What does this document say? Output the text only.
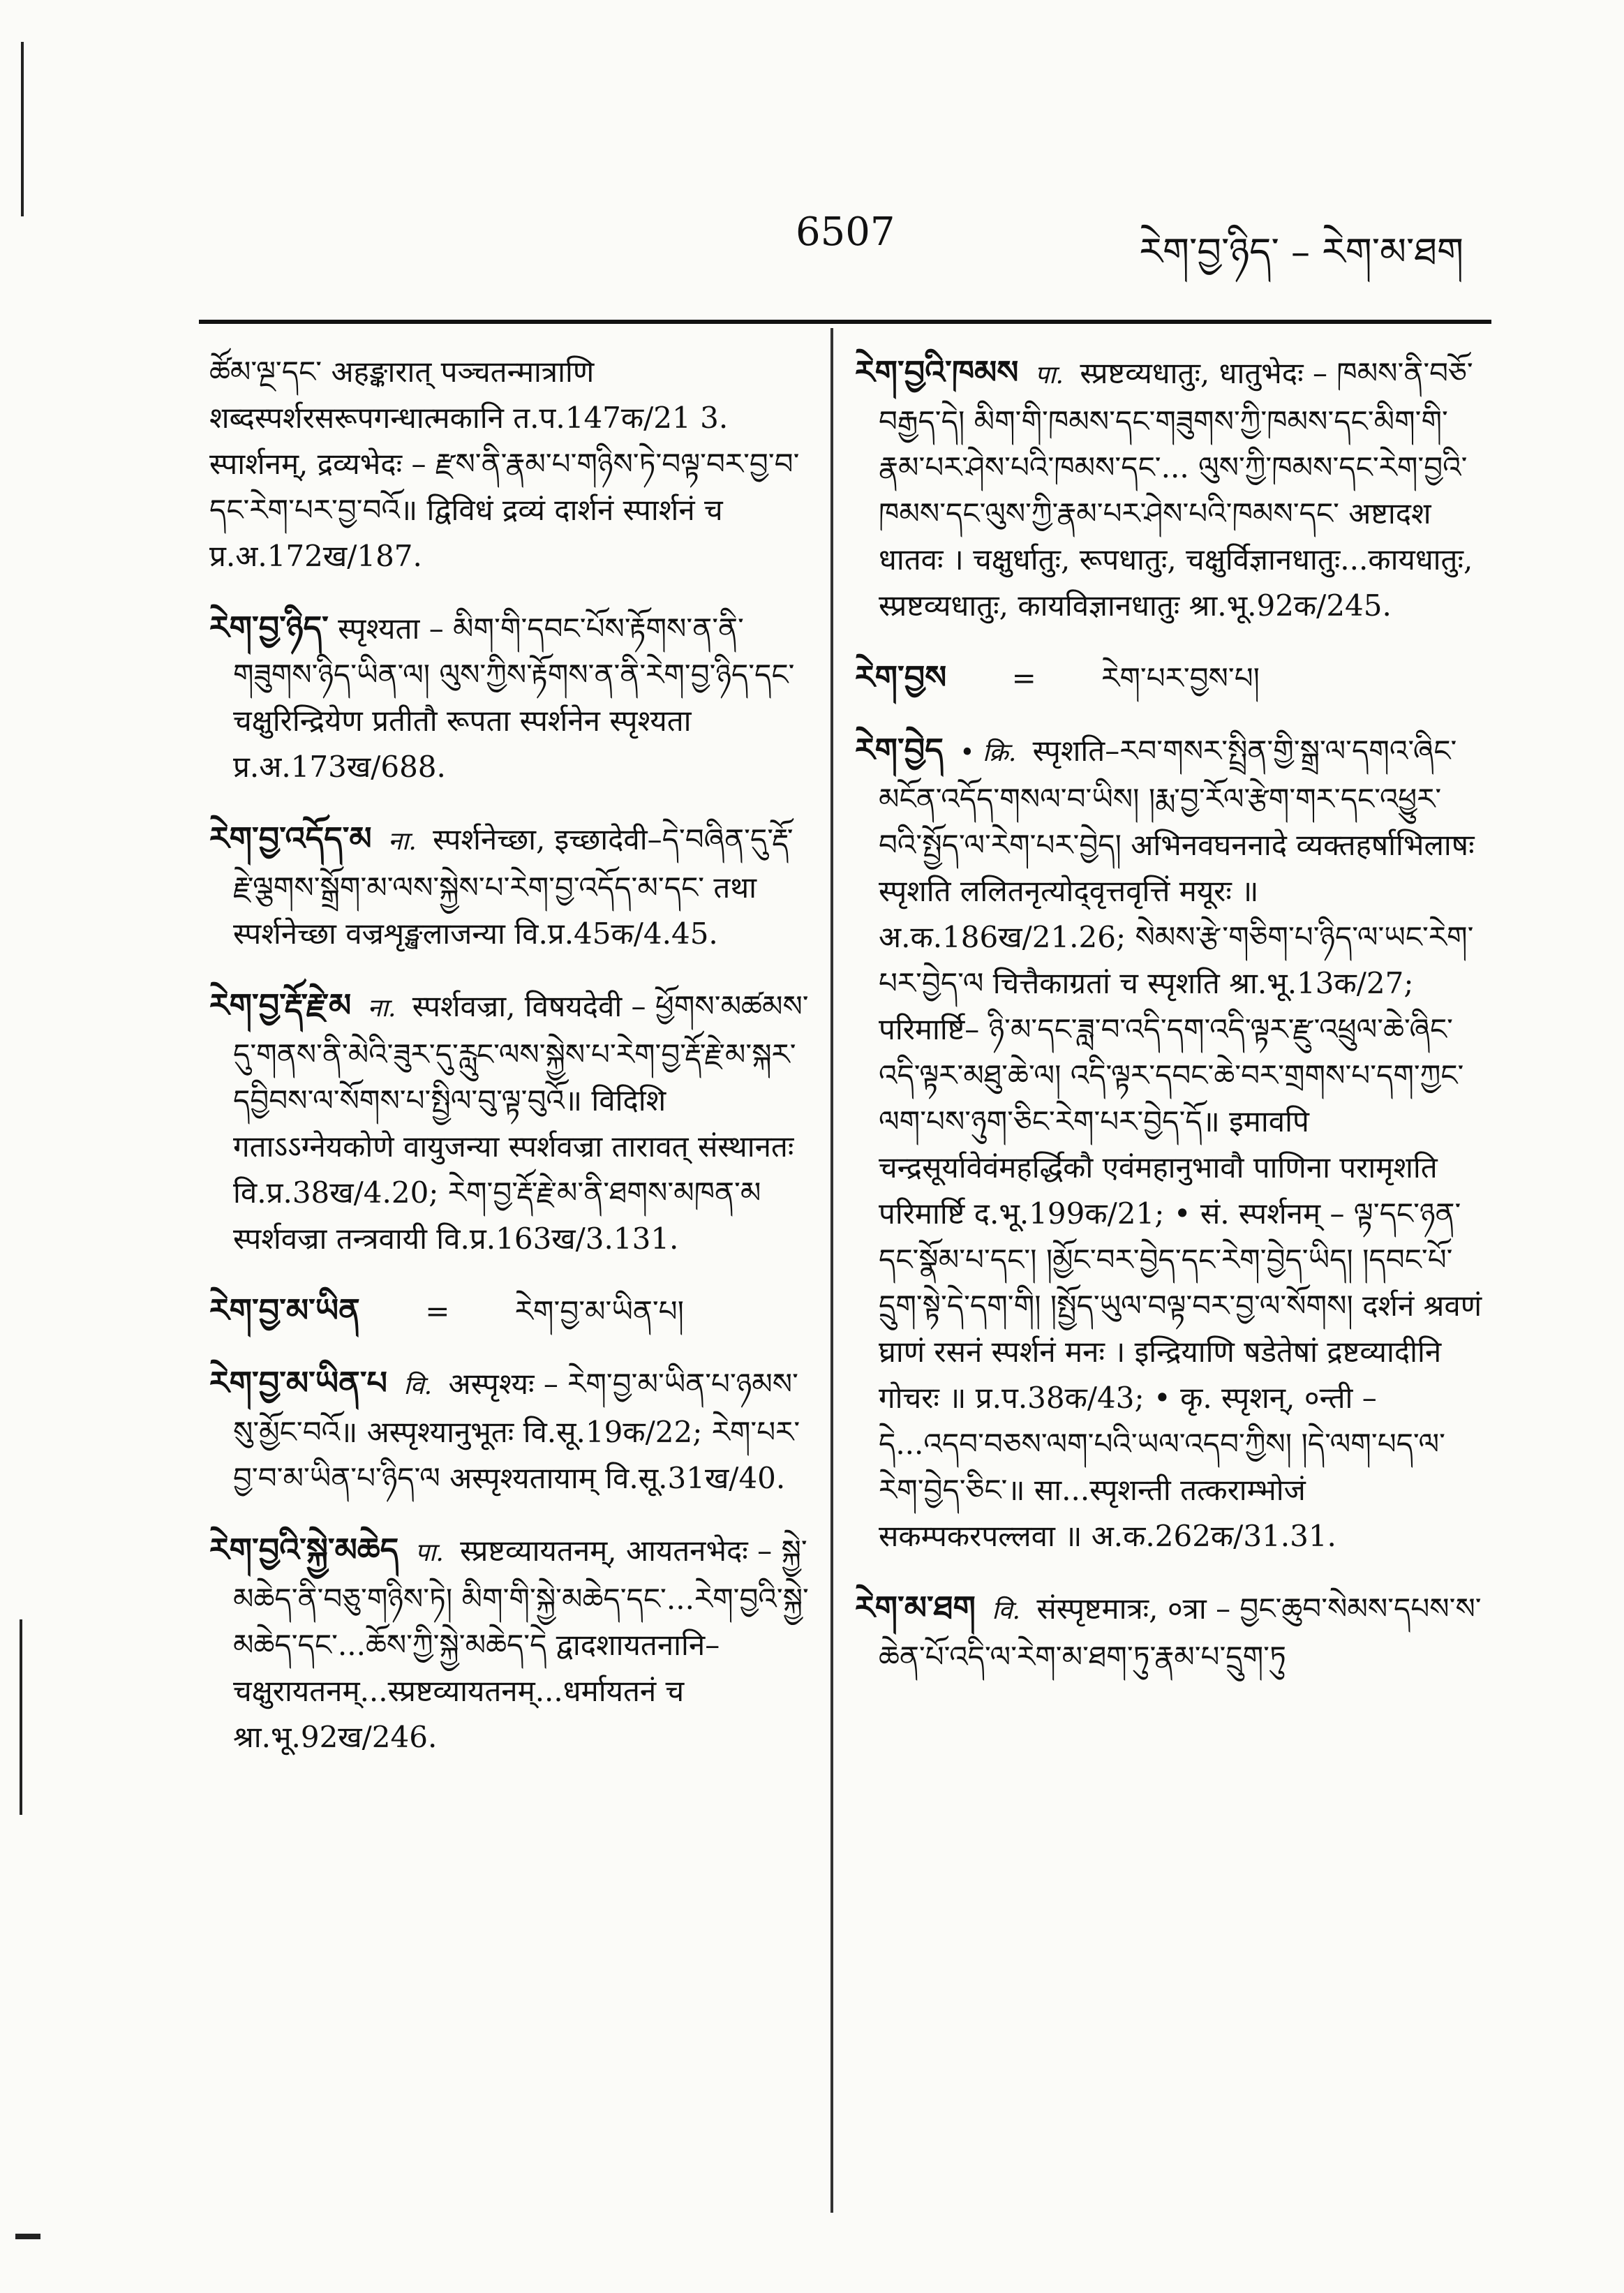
6507	རེག་བྱ་ཉིད་ – རེག་མ་ཐག

ཚོམ་ལྔ་དང་ अहङ्कारात् पञ्चतन्मात्राणि शब्दस्पर्शरसरूपगन्धात्मकानि त.प.147क/21 3. स्पार्शनम्, द्रव्यभेदः – རྫས་ནི་རྣམ་པ་གཉིས་ཏེ་བལྟ་བར་བྱ་བ་དང་རེག་པར་བྱ་བའོ॥ द्विविधं द्रव्यं दार्शनं स्पार्शनं च प्र.अ.172ख/187.

རེག་བྱ་ཉིད་ स्पृश्यता – མིག་གི་དབང་པོས་རྟོགས་ན་ནི་གཟུགས་ཉིད་ཡིན་ལ། ལུས་ཀྱིས་རྟོགས་ན་ནི་རེག་བྱ་ཉིད་དང་ चक्षुरिन्द्रियेण प्रतीतौ रूपता स्पर्शनेन स्पृश्यता प्र.अ.173ख/688.

རེག་བྱ་འདོད་མ ना. स्पर्शनेच्छा, इच्छादेवी–དེ་བཞིན་དུ་རྡོ་རྗེ་ལྕགས་སྒྲོག་མ་ལས་སྐྱེས་པ་རེག་བྱ་འདོད་མ་དང་ तथा स्पर्शनेच्छा वज्रशृङ्खलाजन्या वि.प्र.45क/4.45.

རེག་བྱ་རྡོ་རྗེ་མ ना. स्पर्शवज्रा, विषयदेवी – ཕྱོགས་མཚམས་དུ་གནས་ནི་མེའི་ཟུར་དུ་རླུང་ལས་སྐྱེས་པ་རེག་བྱ་རྡོ་རྗེ་མ་སྐར་དབྱིབས་ལ་སོགས་པ་སྤྱིལ་བུ་ལྟ་བུའོ॥ विदिशि गताऽऽग्नेयकोणे वायुजन्या स्पर्शवज्रा तारावत् संस्थानतः वि.प्र.38ख/4.20; རེག་བྱ་རྡོ་རྗེ་མ་ནི་ཐགས་མཁན་མ स्पर्शवज्रा तन्त्रवायी वि.प्र.163ख/3.131.

རེག་བྱ་མ་ཡིན = རེག་བྱ་མ་ཡིན་པ།

རེག་བྱ་མ་ཡིན་པ वि. अस्पृश्यः – རེག་བྱ་མ་ཡིན་པ་ཉམས་སུ་མྱོང་བའོ॥ अस्पृश्यानुभूतः वि.सू.19क/22; རེག་པར་བྱ་བ་མ་ཡིན་པ་ཉིད་ལ अस्पृश्यतायाम् वि.सू.31ख/40.

རེག་བྱའི་སྐྱེ་མཆེད पा. स्प्रष्टव्यायतनम्, आयतनभेदः – སྐྱེ་མཆེད་ནི་བཅུ་གཉིས་ཏེ། མིག་གི་སྐྱེ་མཆེད་དང་...རེག་བྱའི་སྐྱེ་མཆེད་དང་...ཆོས་ཀྱི་སྐྱེ་མཆེད་དེ द्वादशायतनानि–चक्षुरायतनम्...स्प्रष्टव्यायतनम्...धर्मायतनं च श्रा.भू.92ख/246.

རེག་བྱའི་ཁམས पा. स्प्रष्टव्यधातुः, धातुभेदः – ཁམས་ནི་བཅོ་བརྒྱད་དེ། མིག་གི་ཁམས་དང་གཟུགས་ཀྱི་ཁམས་དང་མིག་གི་རྣམ་པར་ཤེས་པའི་ཁམས་དང་... ལུས་ཀྱི་ཁམས་དང་རེག་བྱའི་ཁམས་དང་ལུས་ཀྱི་རྣམ་པར་ཤེས་པའི་ཁམས་དང་ अष्टादश धातवः । चक्षुर्धातुः, रूपधातुः, चक्षुर्विज्ञानधातुः...कायधातुः, स्प्रष्टव्यधातुः, कायविज्ञानधातुः श्रा.भू.92क/245.

རེག་བྱས = རེག་པར་བྱས་པ།

རེག་བྱེད • क्रि. स्पृशति–རབ་གསར་སྤྲིན་གྱི་སྒྲ་ལ་དགའ་ཞིང་མངོན་འདོད་གསལ་བ་ཡིས། །རྨ་བྱ་རོལ་རྩེག་གར་དང་འཕྱུར་བའི་སྤྱོད་ལ་རེག་པར་བྱེད། अभिनवघननादे व्यक्तहर्षाभिलाषः स्पृशति ललितनृत्योद्‌वृत्तवृत्तिं मयूरः ॥ अ.क.186ख/21.26; སེམས་རྩེ་གཅིག་པ་ཉིད་ལ་ཡང་རེག་པར་བྱེད་ལ चित्तैकाग्रतां च स्पृशति श्रा.भू.13क/27; परिमार्ष्टि– ཉི་མ་དང་ཟླ་བ་འདི་དག་འདི་ལྟར་རྫུ་འཕྲུལ་ཆེ་ཞིང་འདི་ལྟར་མཐུ་ཆེ་ལ། འདི་ལྟར་དབང་ཆེ་བར་གྲགས་པ་དག་ཀྱང་ལག་པས་ཉུག་ཅིང་རེག་པར་བྱེད་དོ॥ इमावपि चन्द्रसूर्यावेवंमहर्द्धिकौ एवंमहानुभावौ पाणिना परामृशति परिमार्ष्टि द.भू.199क/21; • सं. स्पर्शनम् – ལྟ་དང་ཉན་དང་སྣོམ་པ་དང་། །མྱོང་བར་བྱེད་དང་རེག་བྱེད་ཡིད། །དབང་པོ་དྲུག་སྟེ་དེ་དག་གི། །སྤྱོད་ཡུལ་བལྟ་བར་བྱ་ལ་སོགས། दर्शनं श्रवणं घ्राणं रसनं स्पर्शनं मनः । इन्द्रियाणि षडेतेषां द्रष्टव्यादीनि गोचरः ॥ प्र.प.38क/43; • कृ. स्पृशन्, ०न्ती – དེ...འདབ་བཅས་ལག་པའི་ཡལ་འདབ་ཀྱིས། །དེ་ལག་པད་ལ་རེག་བྱེད་ཅིང་॥ सा...स्पृशन्ती तत्कराम्भोजं सकम्पकरपल्लवा ॥ अ.क.262क/31.31.

རེག་མ་ཐག वि. संस्पृष्टमात्रः, ०त्रा – བྱང་ཆུབ་སེམས་དཔས་ས་ཆེན་པོ་འདི་ལ་རེག་མ་ཐག་ཏུ་རྣམ་པ་དྲུག་ཏུ
